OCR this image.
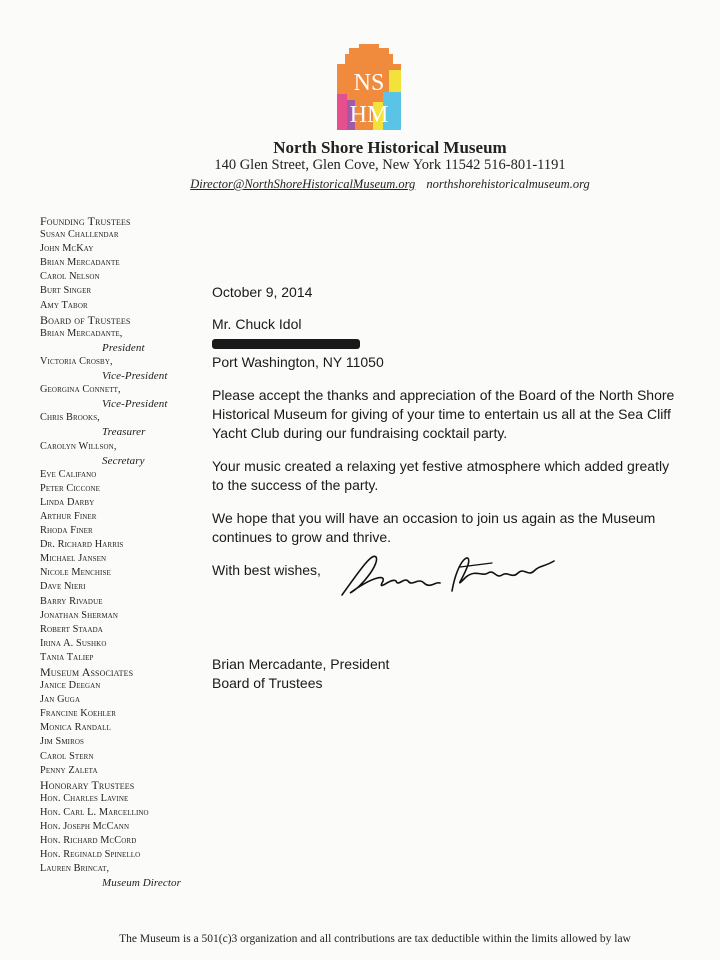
NS
HM
North Shore Historical Museum
140 Glen Street, Glen Cove, New York 11542 516-801-1191
Director@NorthShoreHistoricalMuseum.org northshorehistoricalmuseum.org
Founding Trustees
Susan Challendar
John McKay
Brian Mercadante
Carol Nelson
Burt Singer
Amy Tabor
Board of Trustees
Brian Mercadante,
President
Victoria Crosby,
Vice-President
Georgina Connett,
Vice-President
Chris Brooks,
Treasurer
Carolyn Willson,
Secretary
Eve Califano
Peter Ciccone
Linda Darby
Arthur Finer
Rhoda Finer
Dr. Richard Harris
Michael Jansen
Nicole Menchise
Dave Nieri
Barry Rivadue
Jonathan Sherman
Robert Staada
Irina A. Sushko
Tania Taliep
Museum Associates
Janice Deegan
Jan Guga
Francine Koehler
Monica Randall
Jim Smiros
Carol Stern
Penny Zaleta
Honorary Trustees
Hon. Charles Lavine
Hon. Carl L. Marcellino
Hon. Joseph McCann
Hon. Richard McCord
Hon. Reginald Spinello
Lauren Brincat,
Museum Director

October 9, 2014

Mr. Chuck Idol

Port Washington, NY 11050

Please accept the thanks and appreciation of the Board of the North Shore Historical Museum for giving of your time to entertain us all at the Sea Cliff Yacht Club during our fundraising cocktail party.

Your music created a relaxing yet festive atmosphere which added greatly to the success of the party.

We hope that you will have an occasion to join us again as the Museum continues to grow and thrive.

With best wishes,

Brian Mercadante, President

Board of Trustees

The Museum is a 501(c)3 organization and all contributions are tax deductible within the limits allowed by law
